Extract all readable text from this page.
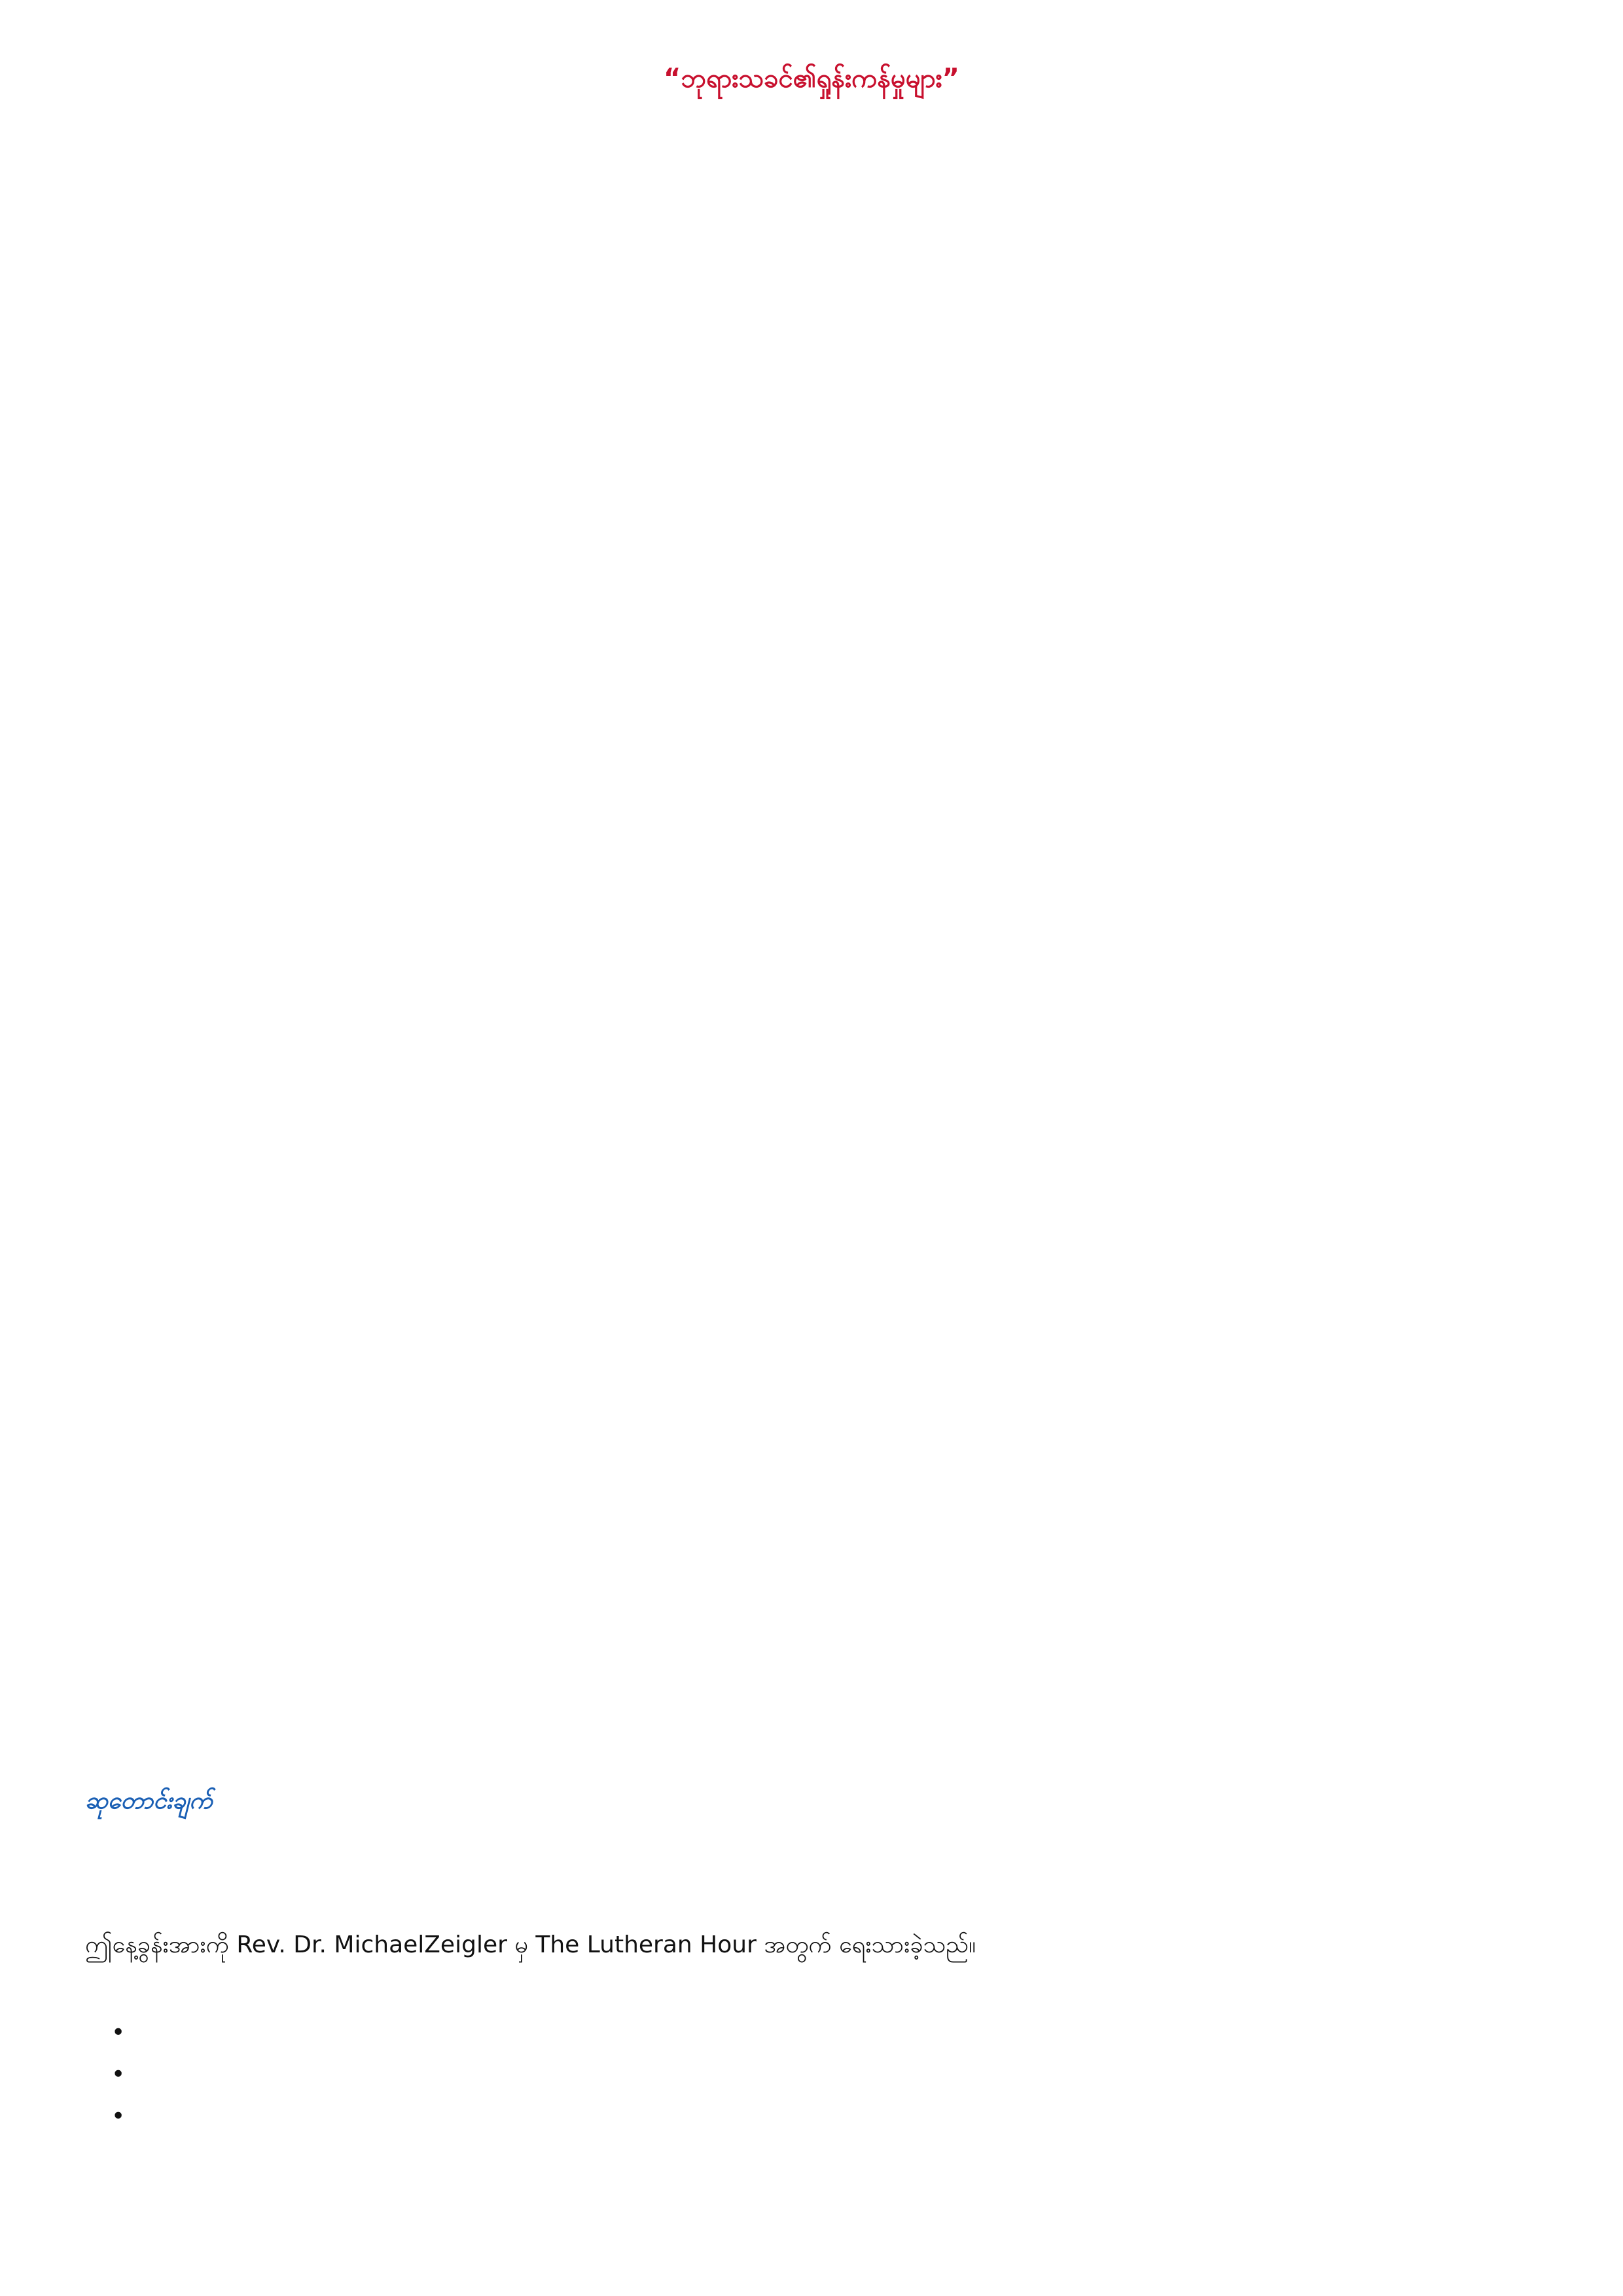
“ဘုရားသခင်၏ရှုန်းကန်မှုများ”

ဆုတောင်းချက်

ဤနေ့ခွန်းအားကို Rev. Dr. MichaelZeigler မှ The Lutheran Hour အတွက် ရေးသားခဲ့သည်။

•
•
•
